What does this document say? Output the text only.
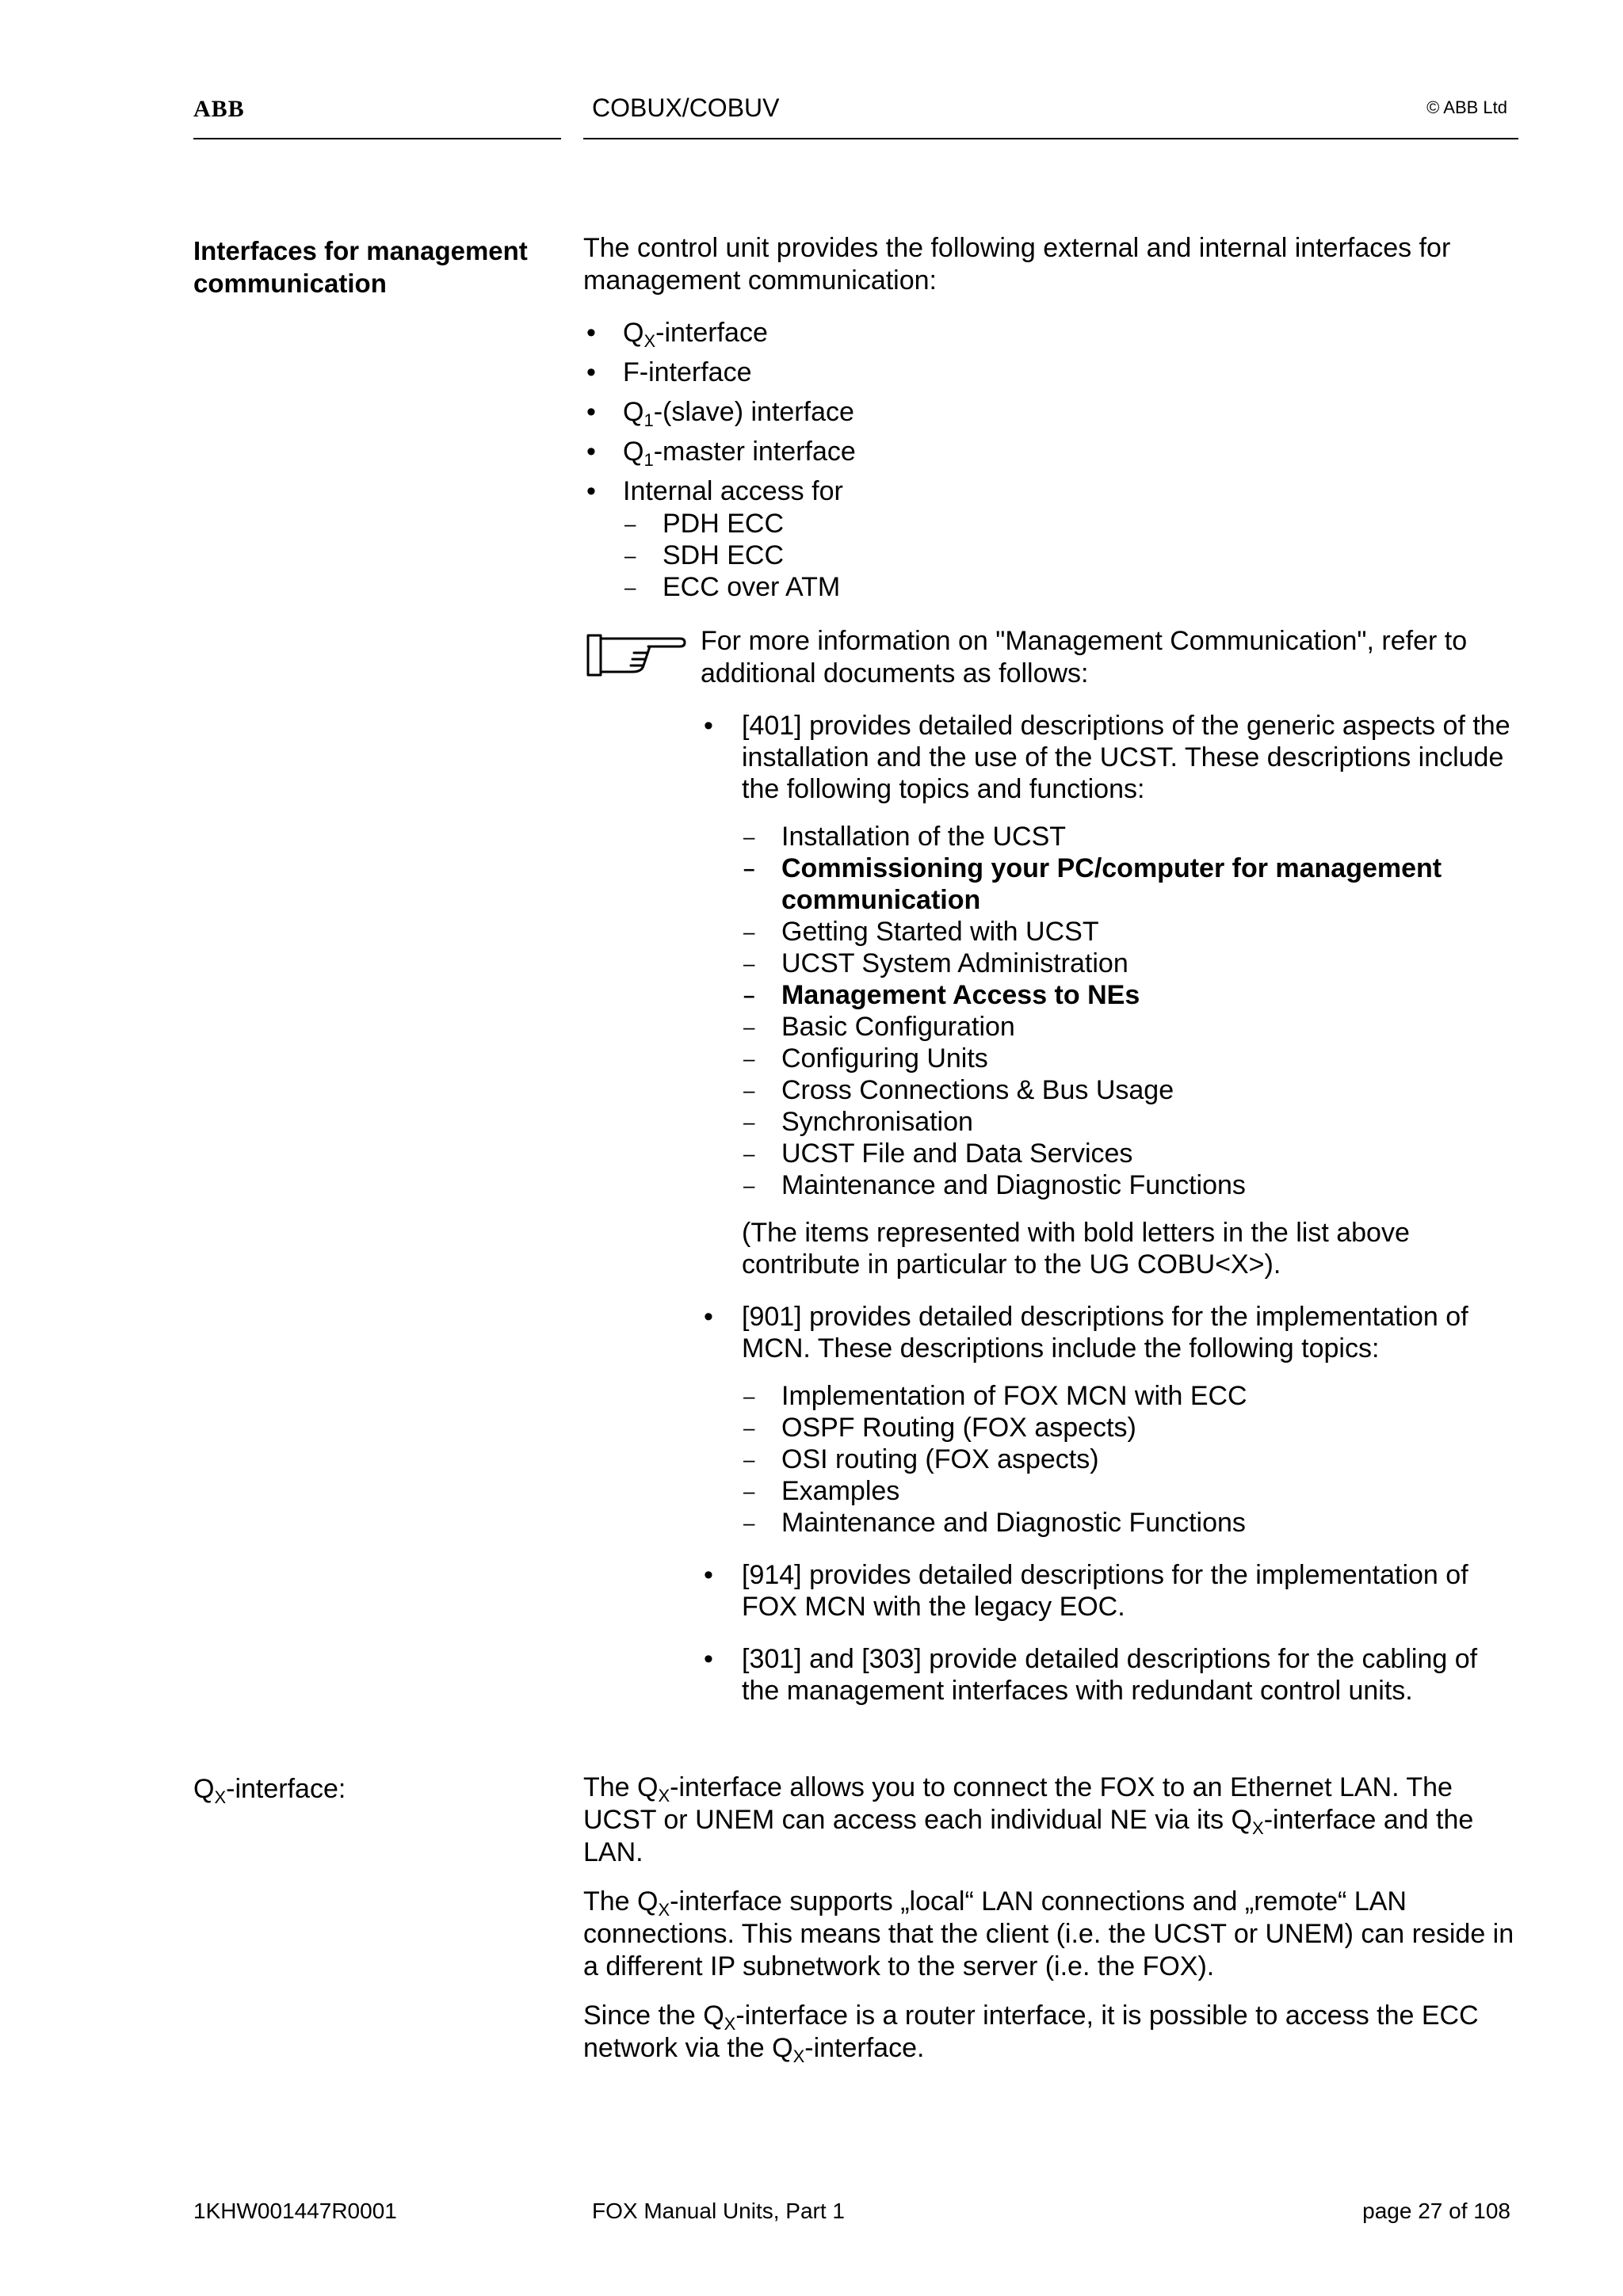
ABB	COBUX/COBUV	© ABB Ltd
Interfaces for management communication
The control unit provides the following external and internal interfaces for management communication:
• $Q_X$-interface
• F-interface
• $Q_1-(slave)$ interface
• $Q_1$-master interface
• Internal access for
– PDH ECC
– SDH ECC
– ECC over ATM
For more information on "Management Communication", refer to additional documents as follows:
• [401] provides detailed descriptions of the generic aspects of the installation and the use of the UCST. These descriptions include the following topics and functions:
– Installation of the UCST
– Commissioning your PC/computer for management communication
– Getting Started with UCST
– UCST System Administration
– Management Access to NEs
– Basic Configuration
– Configuring Units
– Cross Connections & Bus Usage
– Synchronisation
– UCST File and Data Services
– Maintenance and Diagnostic Functions
(The items represented with bold letters in the list above contribute in particular to the UG COBU<X>).
• [901] provides detailed descriptions for the implementation of MCN. These descriptions include the following topics:
– Implementation of FOX MCN with ECC
– OSPF Routing (FOX aspects)
– OSI routing (FOX aspects)
– Examples
– Maintenance and Diagnostic Functions
• [914] provides detailed descriptions for the implementation of FOX MCN with the legacy EOC.
• [301] and [303] provide detailed descriptions for the cabling of the management interfaces with redundant control units.
$Q_X$-interface:	The $Q_X$-interface allows you to connect the FOX to an Ethernet LAN. The UCST or UNEM can access each individual NE via its $Q_X$-interface and the LAN.

The $Q_X$-interface supports „local“ LAN connections and „remote“ LAN connections. This means that the client (i.e. the UCST or UNEM) can reside in a different IP subnetwork to the server (i.e. the FOX).

Since the $Q_X$-interface is a router interface, it is possible to access the ECC network via the $Q_X$-interface.

1KHW001447R0001	FOX Manual Units, Part 1	page 27 of 108
